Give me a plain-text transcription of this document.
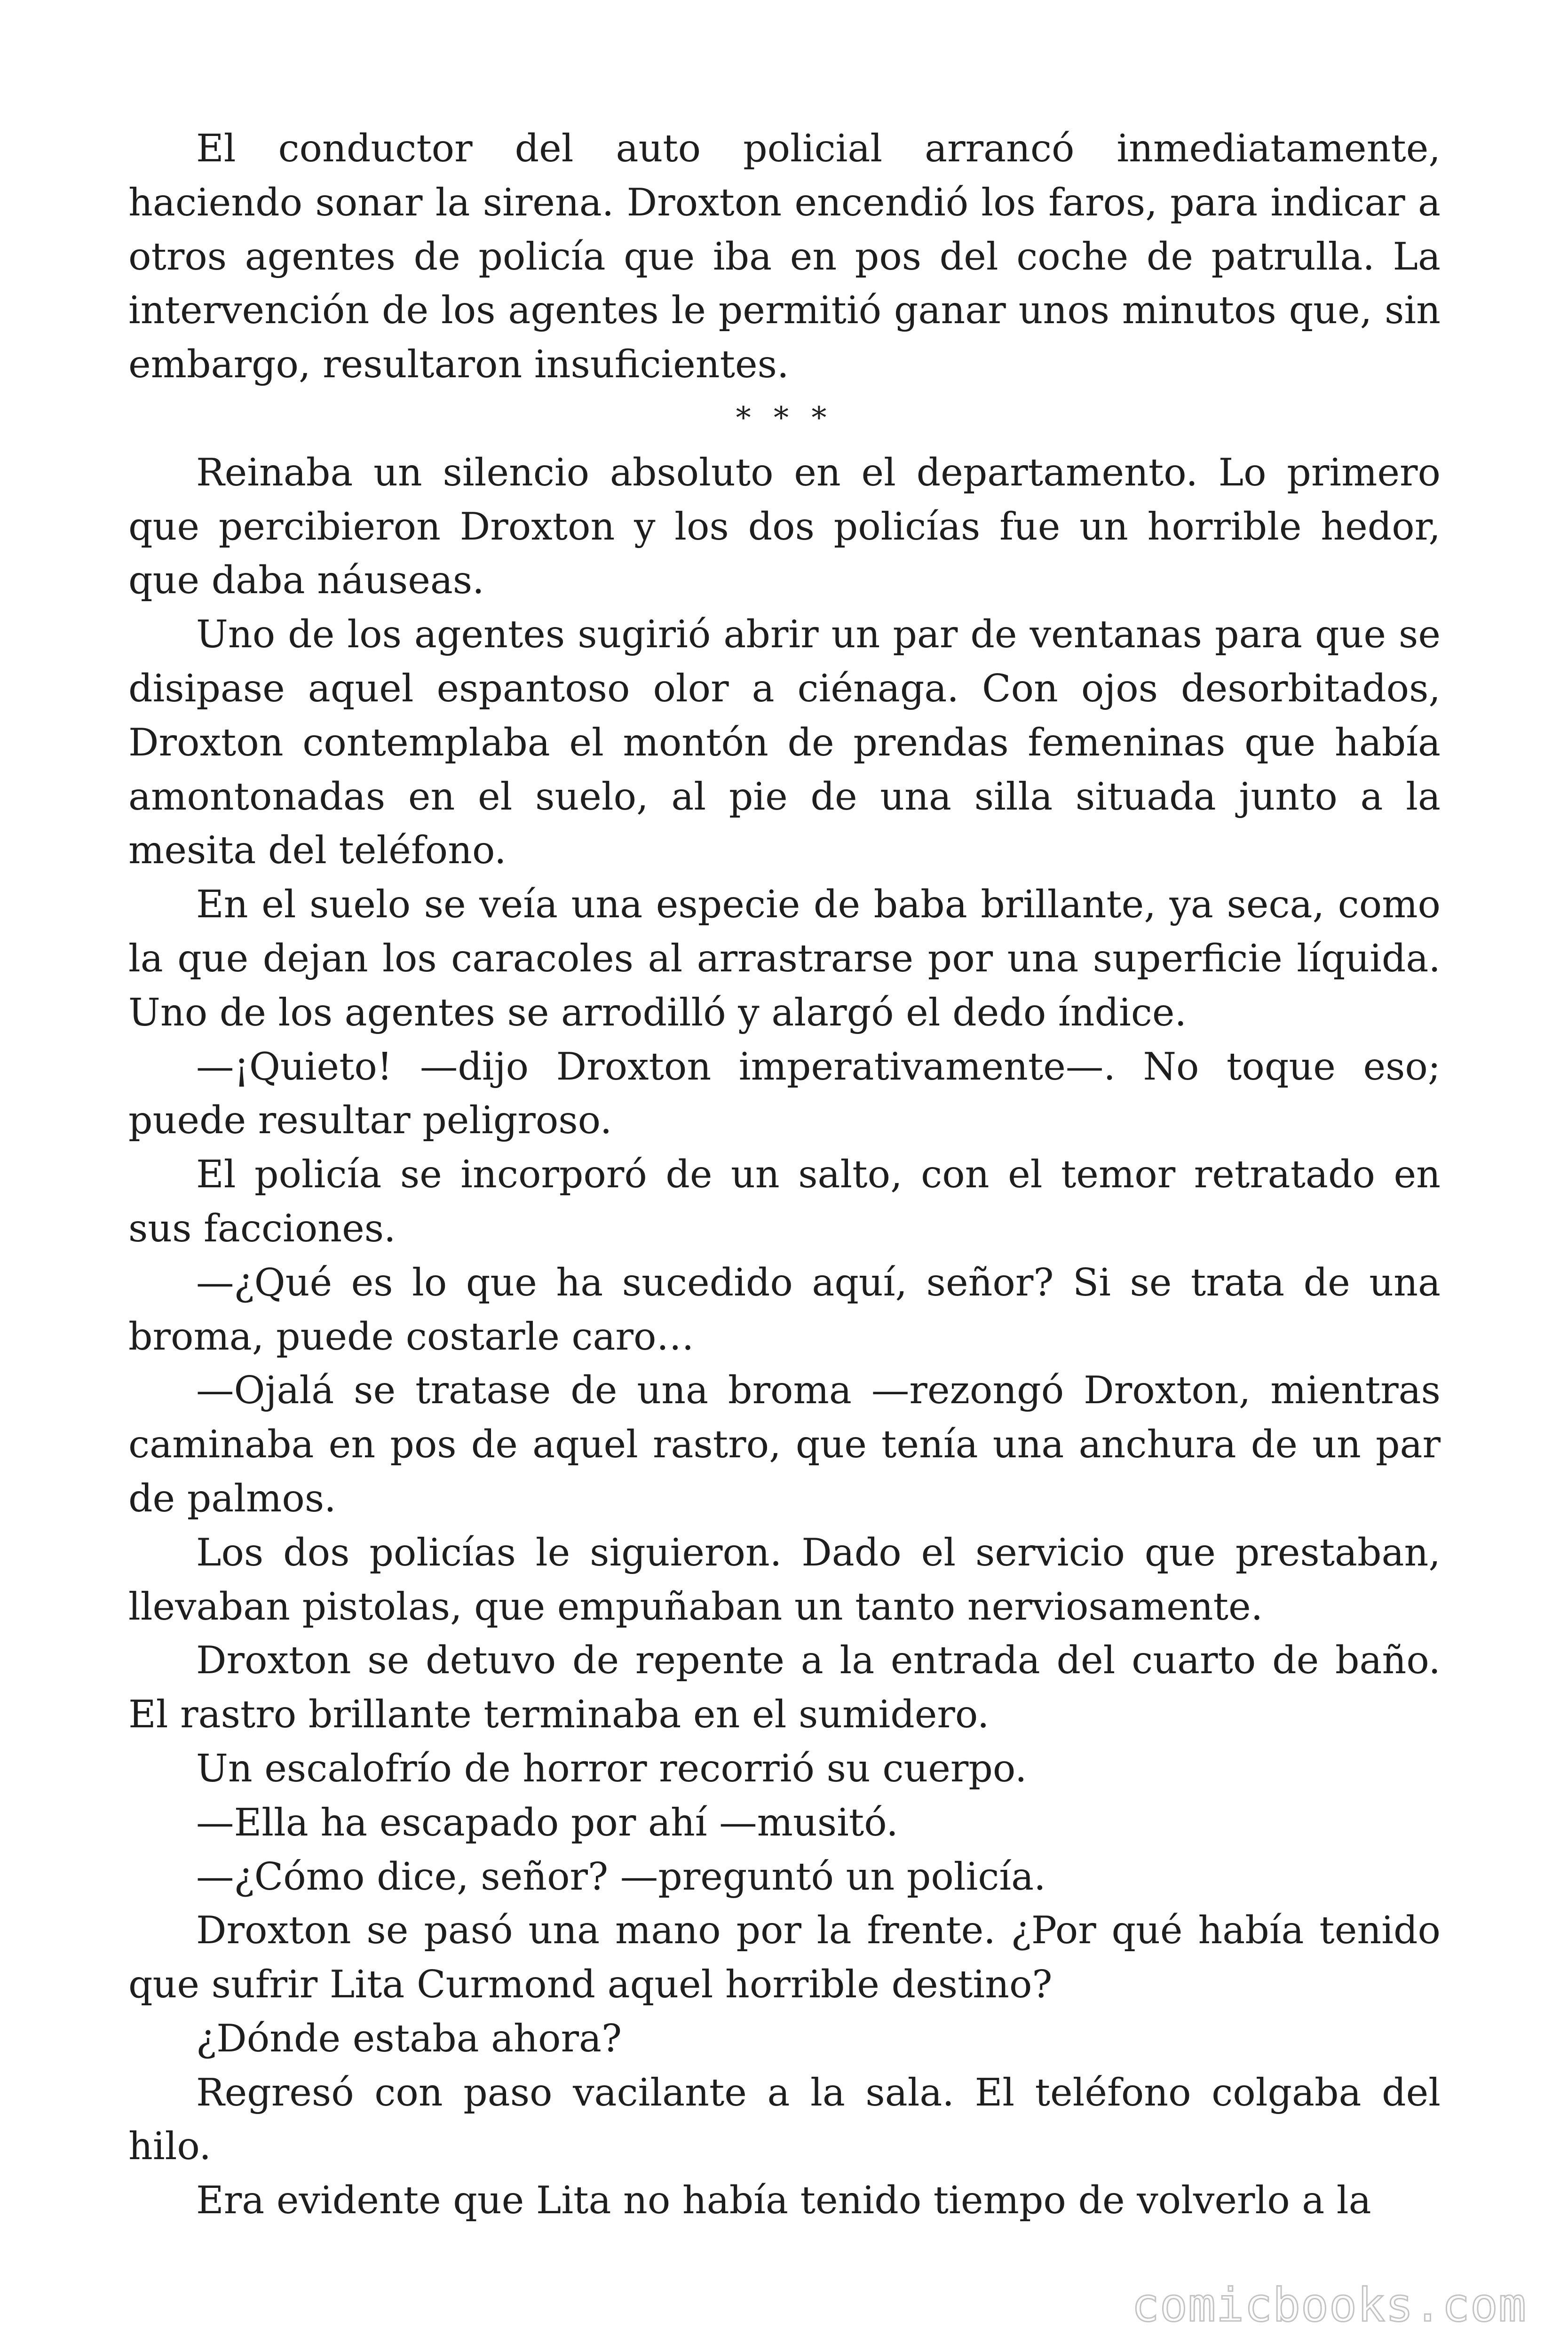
El conductor del auto policial arrancó inmediatamente, haciendo sonar la sirena. Droxton encendió los faros, para indicar a otros agentes de policía que iba en pos del coche de patrulla. La intervención de los agentes le permitió ganar unos minutos que, sin embargo, resultaron insuficientes.

* * *

Reinaba un silencio absoluto en el departamento. Lo primero que percibieron Droxton y los dos policías fue un horrible hedor, que daba náuseas.

Uno de los agentes sugirió abrir un par de ventanas para que se disipase aquel espantoso olor a ciénaga. Con ojos desorbitados, Droxton contemplaba el montón de prendas femeninas que había amontonadas en el suelo, al pie de una silla situada junto a la mesita del teléfono.

En el suelo se veía una especie de baba brillante, ya seca, como la que dejan los caracoles al arrastrarse por una superficie líquida. Uno de los agentes se arrodilló y alargó el dedo índice.

—¡Quieto! —dijo Droxton imperativamente—. No toque eso; puede resultar peligroso.

El policía se incorporó de un salto, con el temor retratado en sus facciones.

—¿Qué es lo que ha sucedido aquí, señor? Si se trata de una broma, puede costarle caro…

—Ojalá se tratase de una broma —rezongó Droxton, mientras caminaba en pos de aquel rastro, que tenía una anchura de un par de palmos.

Los dos policías le siguieron. Dado el servicio que prestaban, llevaban pistolas, que empuñaban un tanto nerviosamente.

Droxton se detuvo de repente a la entrada del cuarto de baño. El rastro brillante terminaba en el sumidero.

Un escalofrío de horror recorrió su cuerpo.

—Ella ha escapado por ahí —musitó.

—¿Cómo dice, señor? —preguntó un policía.

Droxton se pasó una mano por la frente. ¿Por qué había tenido que sufrir Lita Curmond aquel horrible destino?

¿Dónde estaba ahora?

Regresó con paso vacilante a la sala. El teléfono colgaba del hilo.

Era evidente que Lita no había tenido tiempo de volverlo a la

comicbooks.com
